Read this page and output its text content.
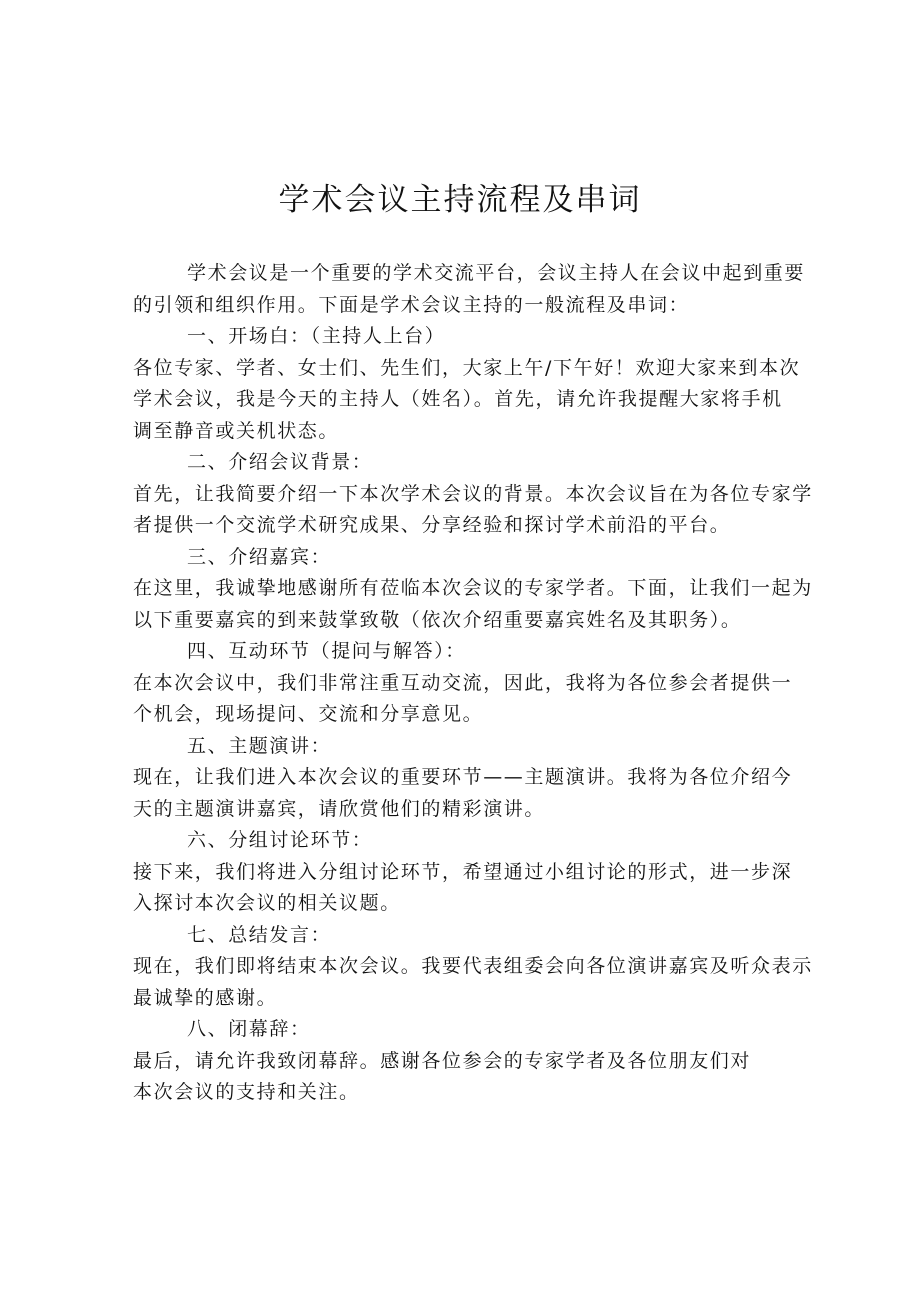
学术会议主持流程及串词

学术会议是一个重要的学术交流平台，会议主持人在会议中起到重要

的引领和组织作用。下面是学术会议主持的一般流程及串词：

一、开场白：（主持人上台）

各位专家、学者、女士们、先生们，大家上午/下午好！欢迎大家来到本次

学术会议，我是今天的主持人（姓名）。首先，请允许我提醒大家将手机

调至静音或关机状态。

二、介绍会议背景：

首先，让我简要介绍一下本次学术会议的背景。本次会议旨在为各位专家学

者提供一个交流学术研究成果、分享经验和探讨学术前沿的平台。

三、介绍嘉宾：

在这里，我诚挚地感谢所有莅临本次会议的专家学者。下面，让我们一起为

以下重要嘉宾的到来鼓掌致敬（依次介绍重要嘉宾姓名及其职务）。

四、互动环节（提问与解答）：

在本次会议中，我们非常注重互动交流，因此，我将为各位参会者提供一

个机会，现场提问、交流和分享意见。

五、主题演讲：

现在，让我们进入本次会议的重要环节——主题演讲。我将为各位介绍今

天的主题演讲嘉宾，请欣赏他们的精彩演讲。

六、分组讨论环节：

接下来，我们将进入分组讨论环节，希望通过小组讨论的形式，进一步深

入探讨本次会议的相关议题。

七、总结发言：

现在，我们即将结束本次会议。我要代表组委会向各位演讲嘉宾及听众表示

最诚挚的感谢。

八、闭幕辞：

最后，请允许我致闭幕辞。感谢各位参会的专家学者及各位朋友们对

本次会议的支持和关注。
